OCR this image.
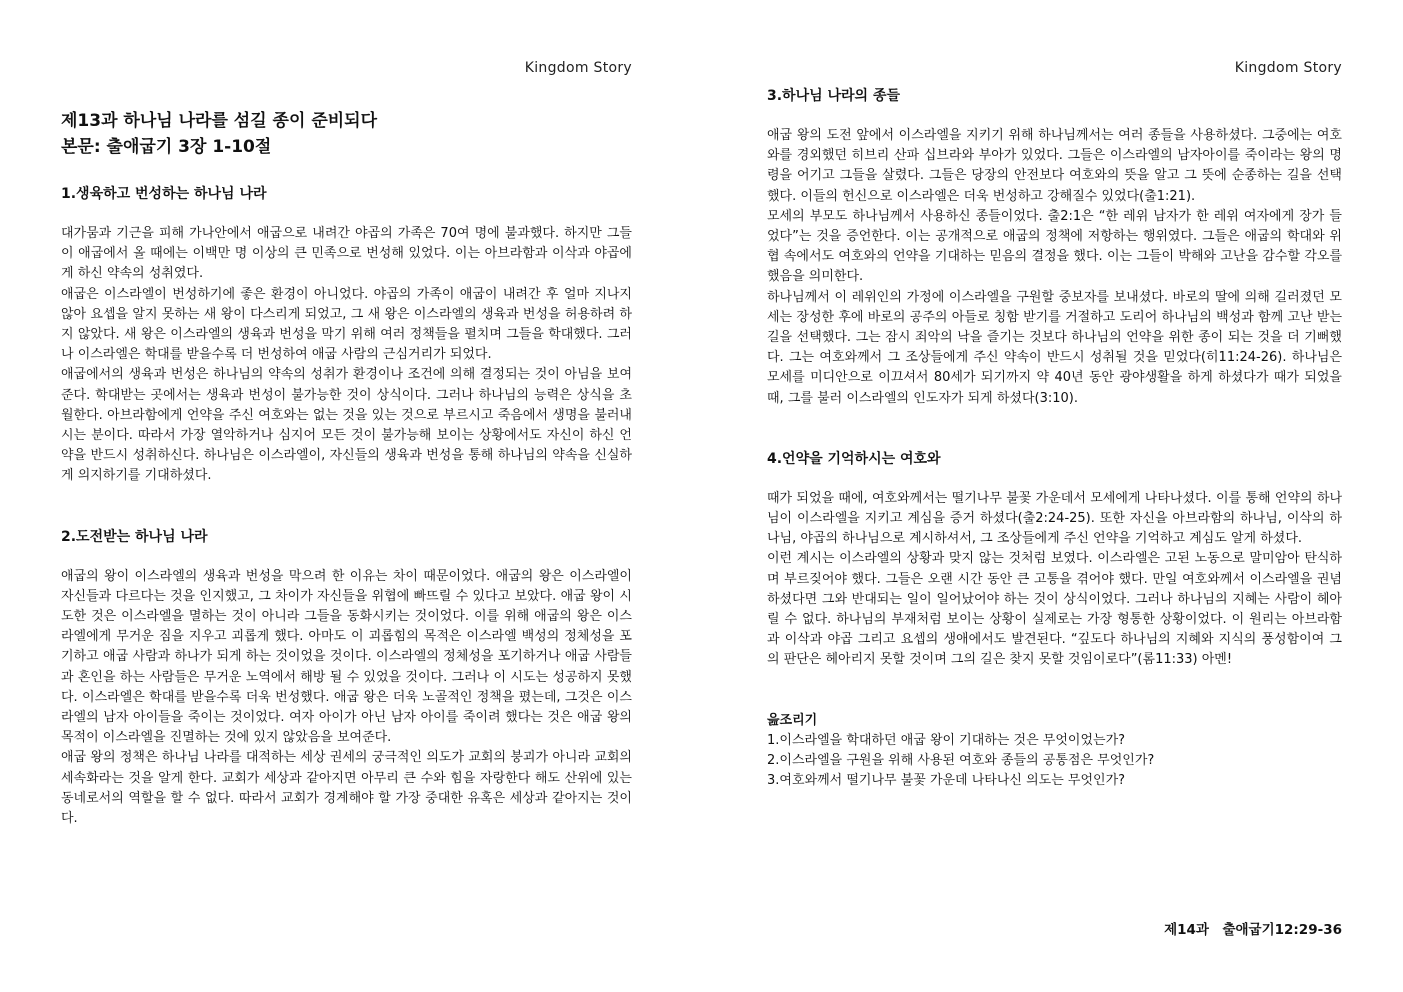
Kingdom Story

제13과 하나님 나라를 섬길 종이 준비되다

본문: 출애굽기 3장 1-10절

1.생육하고 번성하는 하나님 나라

대가뭄과 기근을 피해 가나안에서 애굽으로 내려간 야곱의 가족은 70여 명에 불과했다. 하지만 그들이 애굽에서 올 때에는 이백만 명 이상의 큰 민족으로 번성해 있었다. 이는 아브라함과 이삭과 야곱에게 하신 약속의 성취였다.

애굽은 이스라엘이 번성하기에 좋은 환경이 아니었다. 야곱의 가족이 애굽이 내려간 후 얼마 지나지 않아 요셉을 알지 못하는 새 왕이 다스리게 되었고, 그 새 왕은 이스라엘의 생육과 번성을 허용하려 하지 않았다. 새 왕은 이스라엘의 생육과 번성을 막기 위해 여러 정책들을 펼치며 그들을 학대했다. 그러나 이스라엘은 학대를 받을수록 더 번성하여 애굽 사람의 근심거리가 되었다.

애굽에서의 생육과 번성은 하나님의 약속의 성취가 환경이나 조건에 의해 결정되는 것이 아님을 보여준다. 학대받는 곳에서는 생육과 번성이 불가능한 것이 상식이다. 그러나 하나님의 능력은 상식을 초월한다. 아브라함에게 언약을 주신 여호와는 없는 것을 있는 것으로 부르시고 죽음에서 생명을 불러내시는 분이다. 따라서 가장 열악하거나 심지어 모든 것이 불가능해 보이는 상황에서도 자신이 하신 언약을 반드시 성취하신다. 하나님은 이스라엘이, 자신들의 생육과 번성을 통해 하나님의 약속을 신실하게 의지하기를 기대하셨다.

2.도전받는 하나님 나라

애굽의 왕이 이스라엘의 생육과 번성을 막으려 한 이유는 차이 때문이었다. 애굽의 왕은 이스라엘이 자신들과 다르다는 것을 인지했고, 그 차이가 자신들을 위협에 빠뜨릴 수 있다고 보았다. 애굽 왕이 시도한 것은 이스라엘을 멸하는 것이 아니라 그들을 동화시키는 것이었다. 이를 위해 애굽의 왕은 이스라엘에게 무거운 짐을 지우고 괴롭게 했다. 아마도 이 괴롭힘의 목적은 이스라엘 백성의 정체성을 포기하고 애굽 사람과 하나가 되게 하는 것이었을 것이다. 이스라엘의 정체성을 포기하거나 애굽 사람들과 혼인을 하는 사람들은 무거운 노역에서 해방 될 수 있었을 것이다. 그러나 이 시도는 성공하지 못했다. 이스라엘은 학대를 받을수록 더욱 번성했다. 애굽 왕은 더욱 노골적인 정책을 폈는데, 그것은 이스라엘의 남자 아이들을 죽이는 것이었다. 여자 아이가 아닌 남자 아이를 죽이려 했다는 것은 애굽 왕의 목적이 이스라엘을 진멸하는 것에 있지 않았음을 보여준다.

애굽 왕의 정책은 하나님 나라를 대적하는 세상 권세의 궁극적인 의도가 교회의 붕괴가 아니라 교회의 세속화라는 것을 알게 한다. 교회가 세상과 같아지면 아무리 큰 수와 힘을 자랑한다 해도 산위에 있는 동네로서의 역할을 할 수 없다. 따라서 교회가 경계해야 할 가장 중대한 유혹은 세상과 같아지는 것이다.

Kingdom Story

3.하나님 나라의 종들

애굽 왕의 도전 앞에서 이스라엘을 지키기 위해 하나님께서는 여러 종들을 사용하셨다. 그중에는 여호와를 경외했던 히브리 산파 십브라와 부아가 있었다. 그들은 이스라엘의 남자아이를 죽이라는 왕의 명령을 어기고 그들을 살렸다. 그들은 당장의 안전보다 여호와의 뜻을 알고 그 뜻에 순종하는 길을 선택했다. 이들의 헌신으로 이스라엘은 더욱 번성하고 강해질수 있었다(출1:21).

모세의 부모도 하나님께서 사용하신 종들이었다. 출2:1은 “한 레위 남자가 한 레위 여자에게 장가 들었다”는 것을 증언한다. 이는 공개적으로 애굽의 정책에 저항하는 행위였다. 그들은 애굽의 학대와 위협 속에서도 여호와의 언약을 기대하는 믿음의 결정을 했다. 이는 그들이 박해와 고난을 감수할 각오를 했음을 의미한다.

하나님께서 이 레위인의 가정에 이스라엘을 구원할 중보자를 보내셨다. 바로의 딸에 의해 길러졌던 모세는 장성한 후에 바로의 공주의 아들로 칭함 받기를 거절하고 도리어 하나님의 백성과 함께 고난 받는 길을 선택했다. 그는 잠시 죄악의 낙을 즐기는 것보다 하나님의 언약을 위한 종이 되는 것을 더 기뻐했다. 그는 여호와께서 그 조상들에게 주신 약속이 반드시 성취될 것을 믿었다(히11:24-26). 하나님은 모세를 미디안으로 이끄셔서 80세가 되기까지 약 40년 동안 광야생활을 하게 하셨다가 때가 되었을 때, 그를 불러 이스라엘의 인도자가 되게 하셨다(3:10).

4.언약을 기억하시는 여호와

때가 되었을 때에, 여호와께서는 떨기나무 불꽃 가운데서 모세에게 나타나셨다. 이를 통해 언약의 하나님이 이스라엘을 지키고 계심을 증거 하셨다(출2:24-25). 또한 자신을 아브라함의 하나님, 이삭의 하나님, 야곱의 하나님으로 계시하셔서, 그 조상들에게 주신 언약을 기억하고 계심도 알게 하셨다.

이런 계시는 이스라엘의 상황과 맞지 않는 것처럼 보였다. 이스라엘은 고된 노동으로 말미암아 탄식하며 부르짖어야 했다. 그들은 오랜 시간 동안 큰 고통을 겪어야 했다. 만일 여호와께서 이스라엘을 권념하셨다면 그와 반대되는 일이 일어났어야 하는 것이 상식이었다. 그러나 하나님의 지혜는 사람이 헤아릴 수 없다. 하나님의 부재처럼 보이는 상황이 실제로는 가장 형통한 상황이었다. 이 원리는 아브라함과 이삭과 야곱 그리고 요셉의 생애에서도 발견된다. “깊도다 하나님의 지혜와 지식의 풍성함이여 그의 판단은 헤아리지 못할 것이며 그의 길은 찾지 못할 것임이로다”(롬11:33) 아멘!

읊조리기

1.이스라엘을 학대하던 애굽 왕이 기대하는 것은 무엇이었는가?

2.이스라엘을 구원을 위해 사용된 여호와 종들의 공통점은 무엇인가?

3.여호와께서 떨기나무 불꽃 가운데 나타나신 의도는 무엇인가?

제14과　출애굽기12:29-36
